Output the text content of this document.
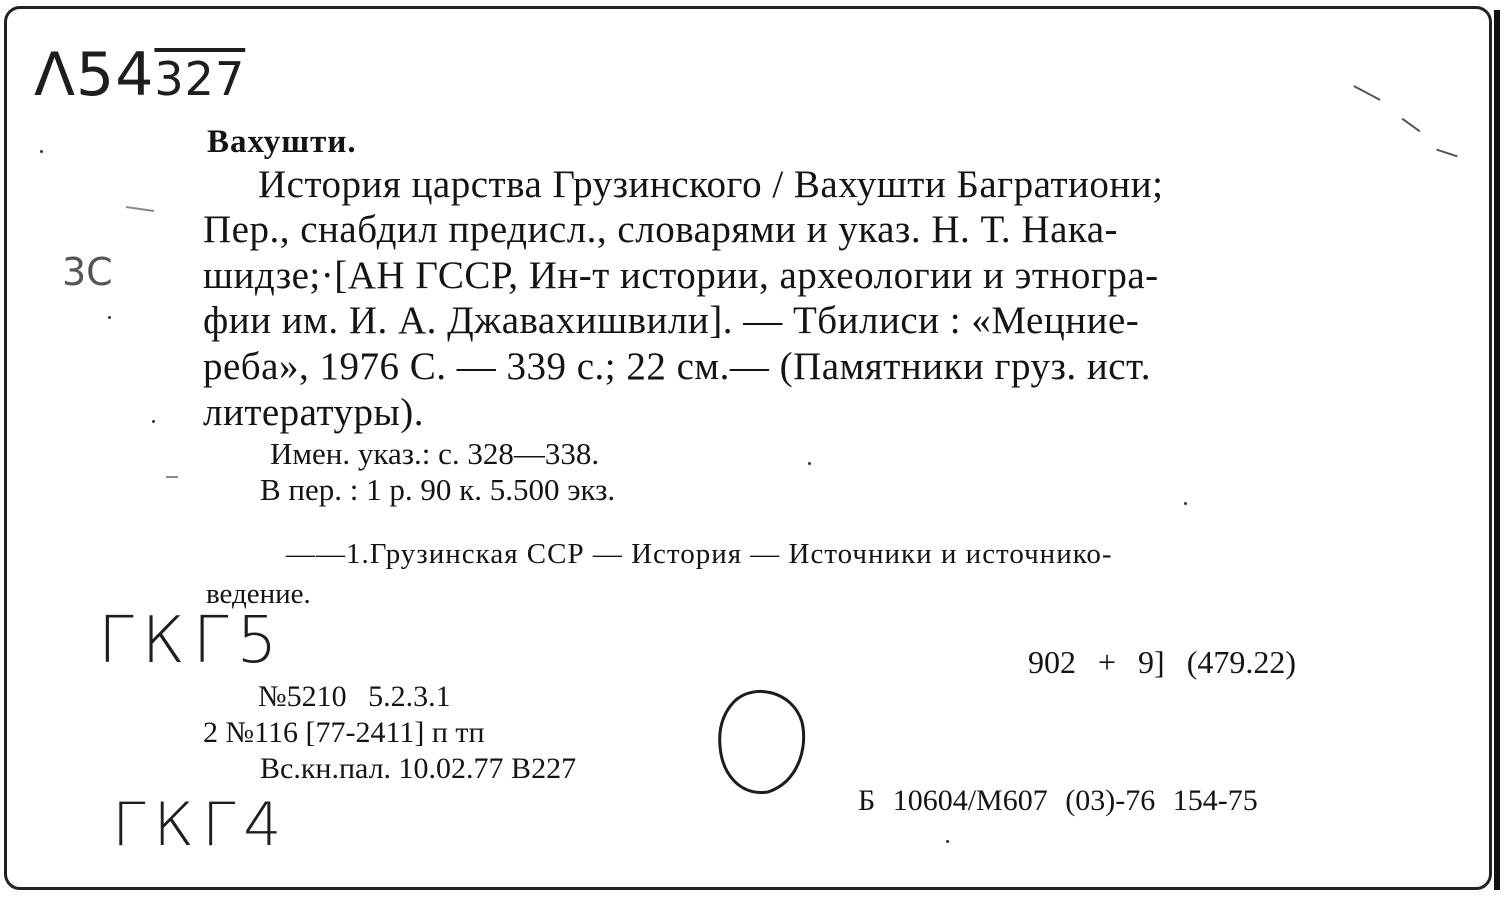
Λ54327
3С
ГКГ5
ГКГ4
Вахушти.
История царства Грузинского / Вахушти Багратиони;
Пер., снабдил предисл., словарями и указ. Н. Т. Нака-
шидзе;·[АН ГССР, Ин-т истории, археологии и этногра-
фии им. И. А. Джавахишвили]. — Тбилиси : «Мецние-
реба», 1976 С. — 339 с.; 22 см.— (Памятники груз. ист.
литературы).
Имен. указ.: с. 328—338.
В пер. : 1 р. 90 к. 5.500 экз.
——1.Грузинская ССР — История — Источники и источнико-
ведение.
902 + 9] (479.22)
№5210 5.2.3.1
2 №116 [77-2411] п тп
Вс.кн.пал. 10.02.77 В227
Б 10604/М607 (03)-76 154-75
